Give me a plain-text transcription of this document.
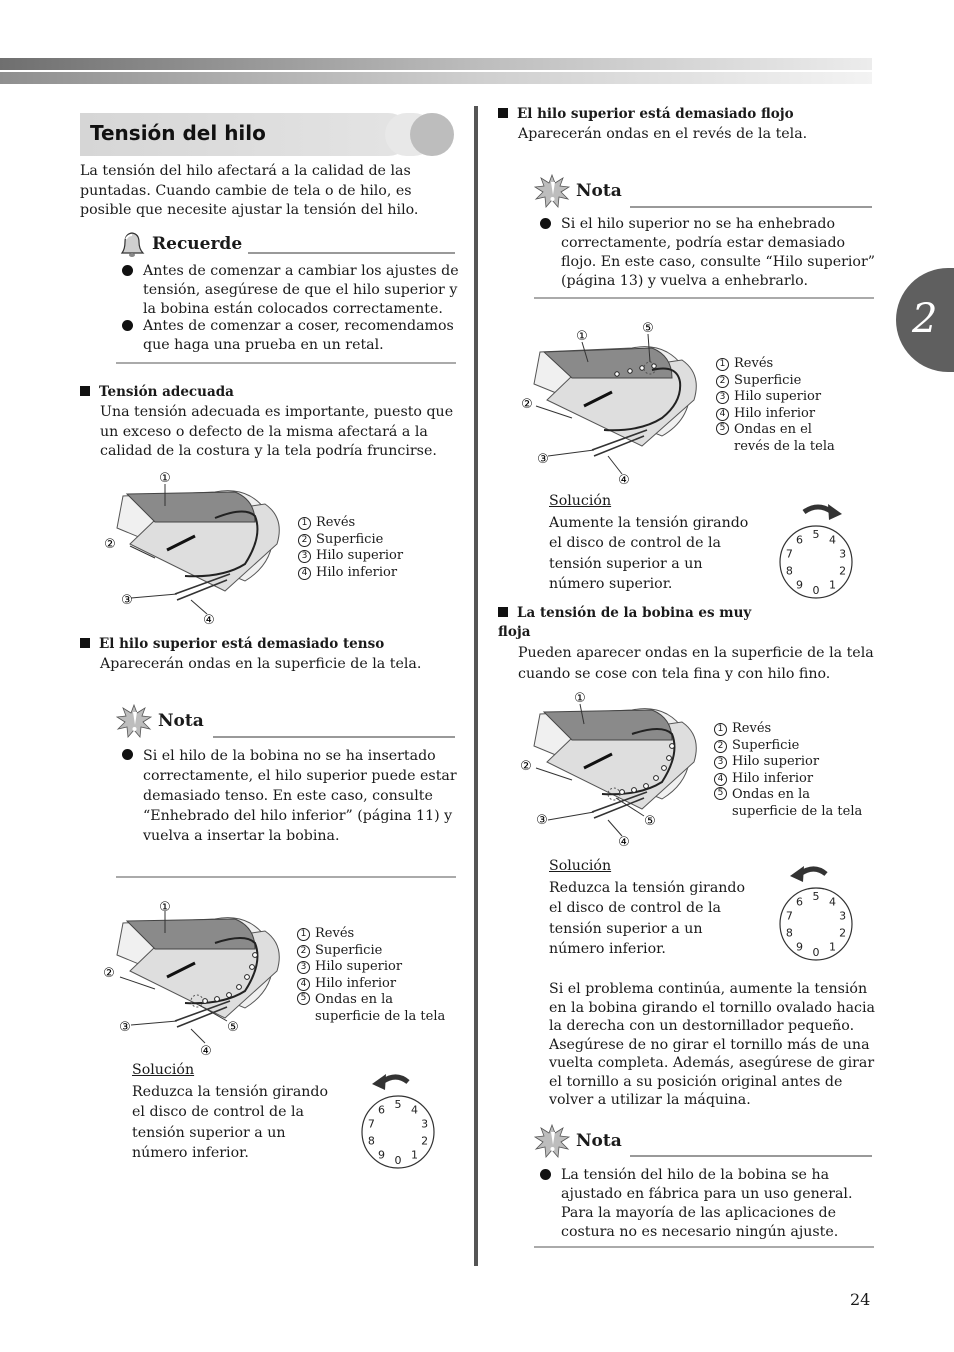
2
24
Tensión del hilo
La tensión del hilo afectará a la calidad de las puntadas. Cuando cambie de tela o de hilo, es posible que necesite ajustar la tensión del hilo.
Recuerde
Antes de comenzar a cambiar los ajustes de tensión, asegúrese de que el hilo superior y la bobina están colocados correctamente.
Antes de comenzar a coser, recomendamos que haga una prueba en un retal.
Tensión adecuada
Una tensión adecuada es importante, puesto que un exceso o defecto de la misma afectará a la calidad de la costura y la tela podría fruncirse.
①
②
③
④
1 Revés
2 Superficie
3 Hilo superior
4 Hilo inferior
El hilo superior está demasiado tenso
Aparecerán ondas en la superficie de la tela.
Nota
Si el hilo de la bobina no se ha insertado correctamente, el hilo superior puede estar demasiado tenso. En este caso, consulte “Enhebrado del hilo inferior” (página 11) y vuelva a insertar la bobina.
①
②
③
④
⑤
1 Revés
2 Superficie
3 Hilo superior
4 Hilo inferior
5 Ondas en la superficie de la tela
Solución
Reduzca la tensión girando el disco de control de la tensión superior a un número inferior.
5 4
3
2
1
0
9
8
7
6
El hilo superior está demasiado flojo
Aparecerán ondas en el revés de la tela.
Nota
Si el hilo superior no se ha enhebrado correctamente, podría estar demasiado flojo. En este caso, consulte “Hilo superior” (página 13) y vuelva a enhebrarlo.
①
⑤
②
③
④
1 Revés
2 Superficie
3 Hilo superior
4 Hilo inferior
5 Ondas en el revés de la tela
Solución
Aumente la tensión girando el disco de control de la tensión superior a un número superior.
5 4
3
2
1
0
9
8
7
6
La tensión de la bobina es muy floja
Pueden aparecer ondas en la superficie de la tela cuando se cose con tela fina y con hilo fino.
①
②
③
④
⑤
1 Revés
2 Superficie
3 Hilo superior
4 Hilo inferior
5 Ondas en la superficie de la tela
Solución
Reduzca la tensión girando el disco de control de la tensión superior a un número inferior.
5 4
3
2
1
0
9
8
7
6
Si el problema continúa, aumente la tensión en la bobina girando el tornillo ovalado hacia la derecha con un destornillador pequeño. Asegúrese de no girar el tornillo más de una vuelta completa. Además, asegúrese de girar el tornillo a su posición original antes de volver a utilizar la máquina.
Nota
La tensión del hilo de la bobina se ha ajustado en fábrica para un uso general. Para la mayoría de las aplicaciones de costura no es necesario ningún ajuste.
